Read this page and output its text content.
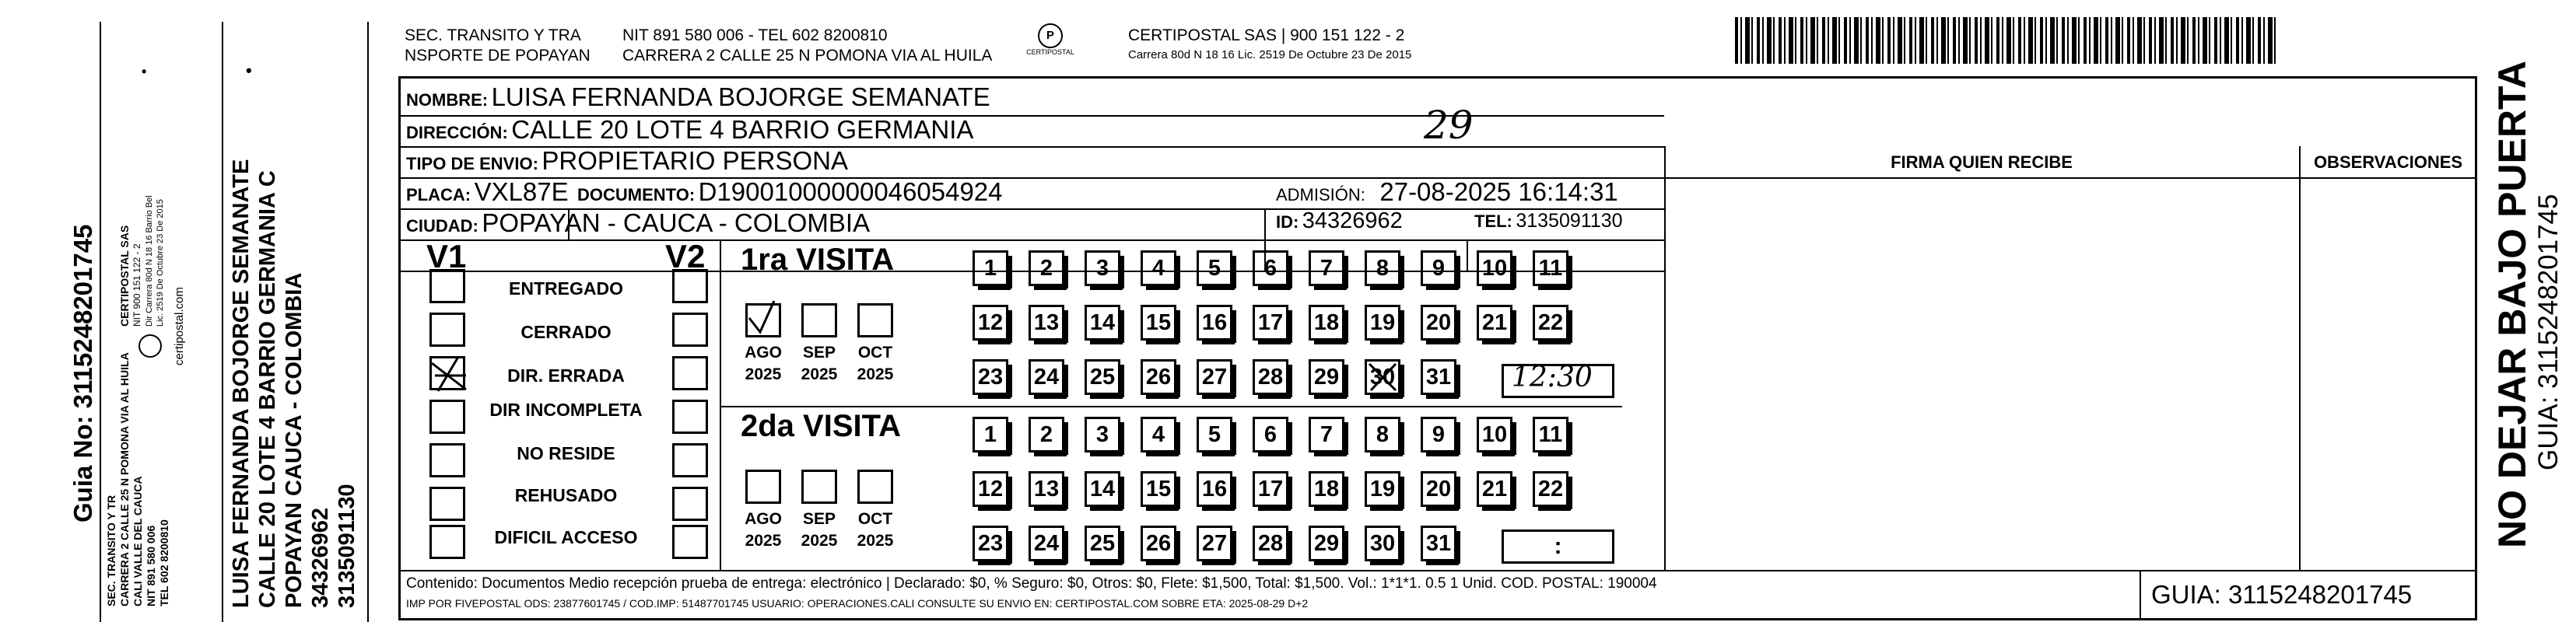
Guia No: 3115248201745
SEC. TRANSITO Y TR CARRERA 2 CALLE 25 N POMONA VIA AL HUILA CALI VALLE DEL CAUCA NIT 891 580 006 TEL 602 8200810
CERTIPOSTAL SAS NIT 900 151 122 - 2 Dir Carrera 80d N 18 16 Barrio Bel Lic. 2519 De Octubre 23 De 2015 certipostal.com
•	•
LUISA FERNANDA BOJORGE SEMANATE CALLE 20 LOTE 4 BARRIO GERMANIA C POPAYAN CAUCA - COLOMBIA 34326962 3135091130
SEC. TRANSITO Y TRA
NSPORTE DE POPAYAN
NIT 891 580 006 - TEL 602 8200810
CARRERA 2 CALLE 25 N POMONA VIA AL HUILA
P
CERTIPOSTAL
CERTIPOSTAL SAS | 900 151 122 - 2
Carrera 80d N 18 16 Lic. 2519 De Octubre 23 De 2015
NOMBRE: LUISA FERNANDA BOJORGE SEMANATE
DIRECCIÓN: CALLE 20 LOTE 4 BARRIO GERMANIA	29
TIPO DE ENVIO: PROPIETARIO PERSONA
PLACA: VXL87E DOCUMENTO: D19001000000046054924	ADMISIÓN: 27-08-2025 16:14:31
CIUDAD: POPAYAN - CAUCA - COLOMBIA	ID: 34326962	TEL: 3135091130
FIRMA QUIEN RECIBE	OBSERVACIONES
V1	V2
ENTREGADO
CERRADO
DIR. ERRADA
DIR INCOMPLETA
NO RESIDE
REHUSADO
DIFICIL ACCESO
1ra VISITA
AGO	SEP	OCT
2025	2025	2025
1	2	3	4	5	6	7	8	9	10 11
12 13 14 15 16 17 18 19 20 21 22
23 24 25 26 27 28 29 30 31 12:30
2da VISITA
AGO	SEP	OCT
2025	2025	2025
1	2	3	4	5	6	7	8	9	10 11
12 13 14 15 16 17 18 19 20 21 22
23 24 25 26 27 28 29 30 31	:
Contenido: Documentos Medio recepción prueba de entrega: electrónico | Declarado: $0, % Seguro: $0, Otros: $0, Flete: $1,500, Total: $1,500. Vol.: 1*1*1. 0.5 1 Unid. COD. POSTAL: 190004
IMP POR FIVEPOSTAL ODS: 23877601745 / COD.IMP: 51487701745 USUARIO: OPERACIONES.CALI CONSULTE SU ENVIO EN: CERTIPOSTAL.COM SOBRE ETA: 2025-08-29 D+2	GUIA: 3115248201745
NO DEJAR BAJO PUERTA GUIA: 3115248201745
